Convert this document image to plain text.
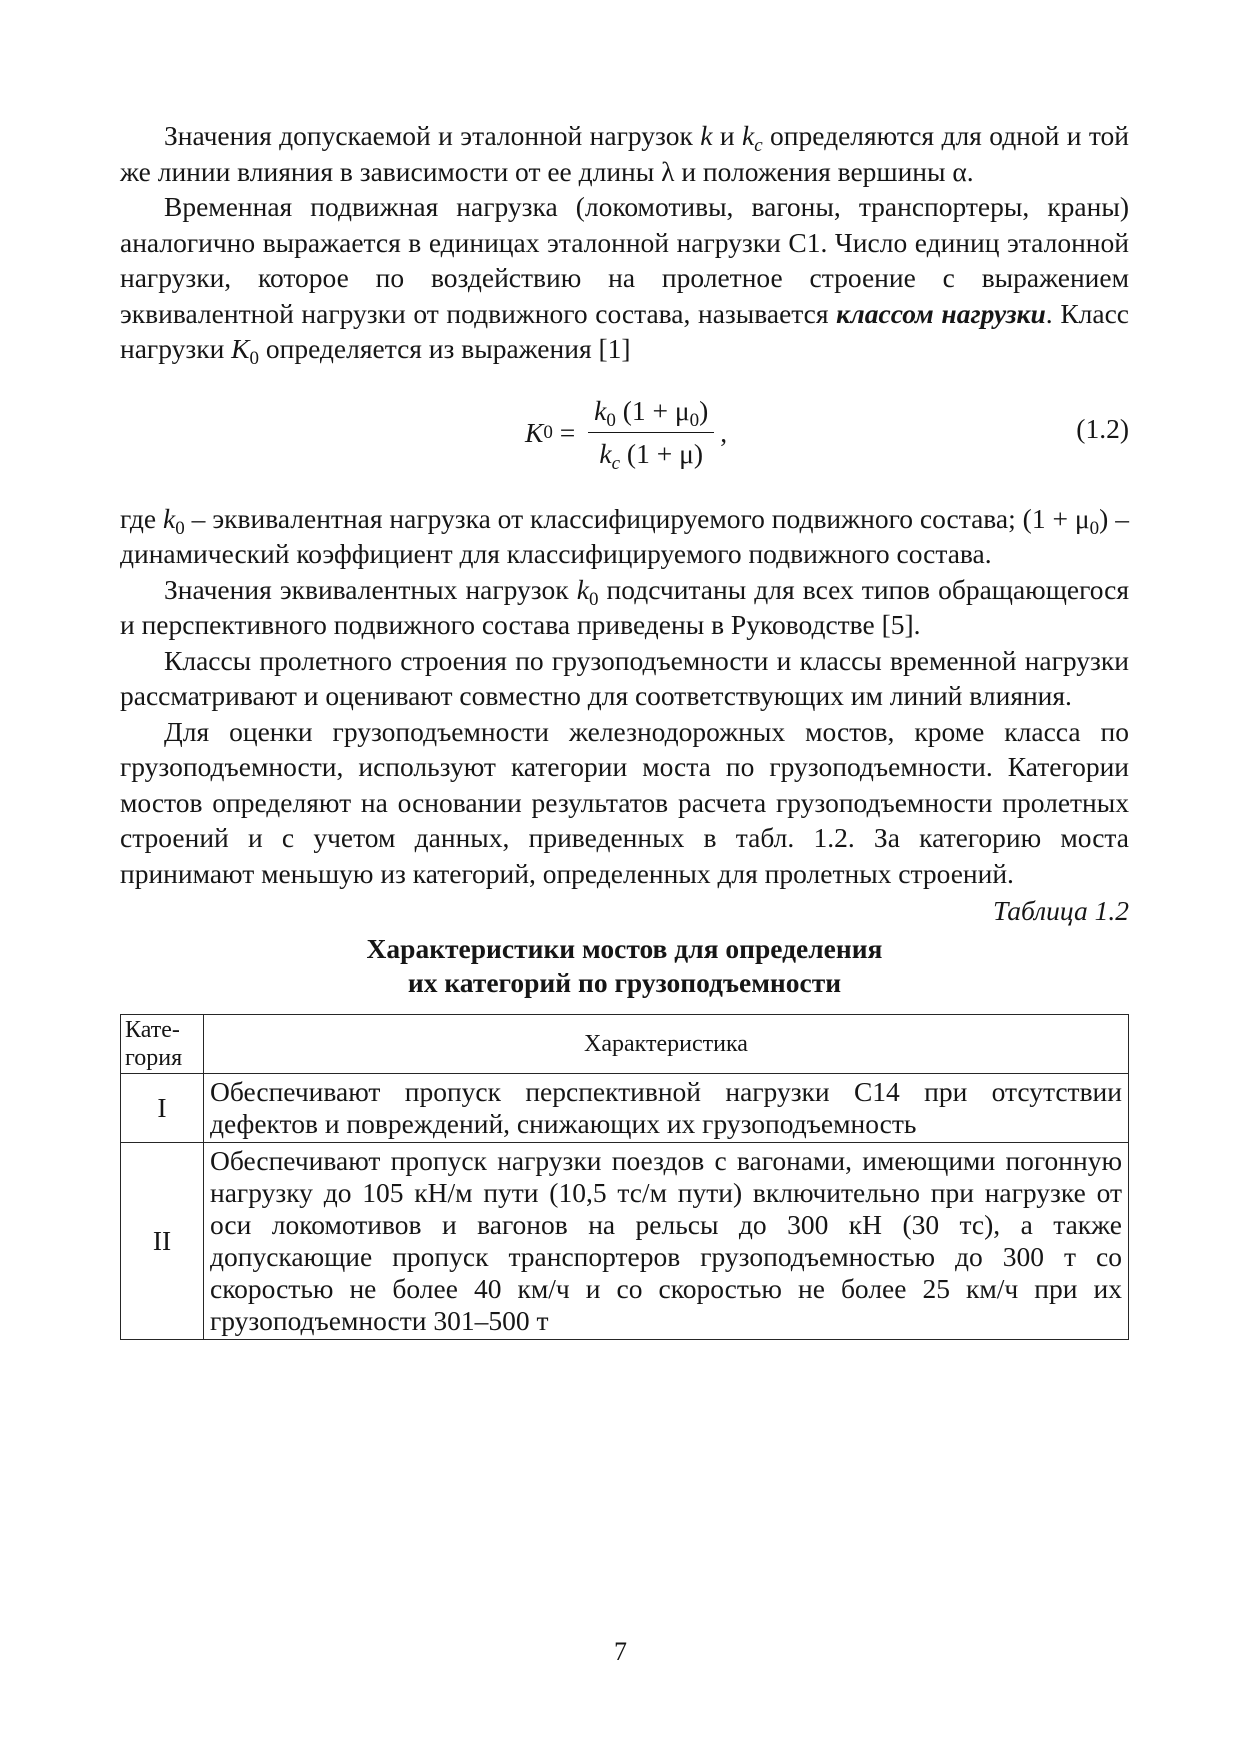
Значения допускаемой и эталонной нагрузок k и $k_c$ определяются для одной и той же линии влияния в зависимости от ее длины λ и положения вершины α.

Временная подвижная нагрузка (локомотивы, вагоны, транспортеры, краны) аналогично выражается в единицах эталонной нагрузки С1. Число единиц эталонной нагрузки, которое по воздействию на пролетное строение с выражением эквивалентной нагрузки от подвижного состава, называется классом нагрузки. Класс нагрузки $K_0$ определяется из выражения [1]

K $0 = \frac{k_0 (1 + \mu_0)}{k_c (1 + \mu)}$ ,	(1.2)

где $k_0$ – эквивалентная нагрузка от классифицируемого подвижного состава; $(1 + \mu_0)$ – динамический коэффициент для классифицируемого подвижного состава.

Значения эквивалентных нагрузок $k_0$ подсчитаны для всех типов обращающегося и перспективного подвижного состава приведены в Руководстве [5].

Классы пролетного строения по грузоподъемности и классы временной нагрузки рассматривают и оценивают совместно для соответствующих им линий влияния.

Для оценки грузоподъемности железнодорожных мостов, кроме класса по грузоподъемности, используют категории моста по грузоподъемности. Категории мостов определяют на основании результатов расчета грузоподъемности пролетных строений и с учетом данных, приведенных в табл. 1.2. За категорию моста принимают меньшую из категорий, определенных для пролетных строений.

Таблица 1.2
Характеристики мостов для определения
их категорий по грузоподъемности
Кате-
гория	Характеристика
I	Обеспечивают пропуск перспективной нагрузки С14 при отсутствии дефектов и повреждений, снижающих их грузоподъемность
II	Обеспечивают пропуск нагрузки поездов с вагонами, имеющими погонную нагрузку до 105 кН/м пути (10,5 тс/м пути) включительно при нагрузке от оси локомотивов и вагонов на рельсы до 300 кН (30 тс), а также допускающие пропуск транспортеров грузоподъемностью до 300 т со скоростью не более 40 км/ч и со скоростью не более 25 км/ч при их грузоподъемности 301–500 т
7
